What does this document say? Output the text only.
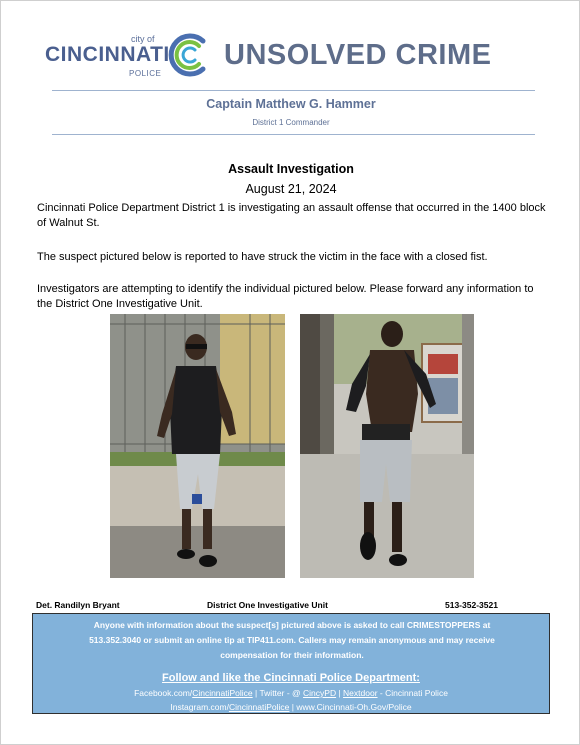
city of
CINCINNATI
POLICE
UNSOLVED CRIME
Captain Matthew G. Hammer
District 1 Commander
Assault Investigation
August 21, 2024
Cincinnati Police Department District 1 is investigating an assault offense that occurred in the 1400 block of Walnut St.
The suspect pictured below is reported to have struck the victim in the face with a closed fist.
Investigators are attempting to identify the individual pictured below. Please forward any information to the District One Investigative Unit.
Det. Randilyn Bryant	District One Investigative Unit	513-352-3521
Anyone with information about the suspect[s] pictured above is asked to call CRIMESTOPPERS at
513.352.3040 or submit an online tip at TIP411.com. Callers may remain anonymous and may receive
compensation for their information.
Follow and like the Cincinnati Police Department:
Facebook.com/CincinnatiPolice | Twitter - @ CincyPD | Nextdoor - Cincinnati Police
Instagram.com/CincinnatiPolice | www.Cincinnati-Oh.Gov/Police
